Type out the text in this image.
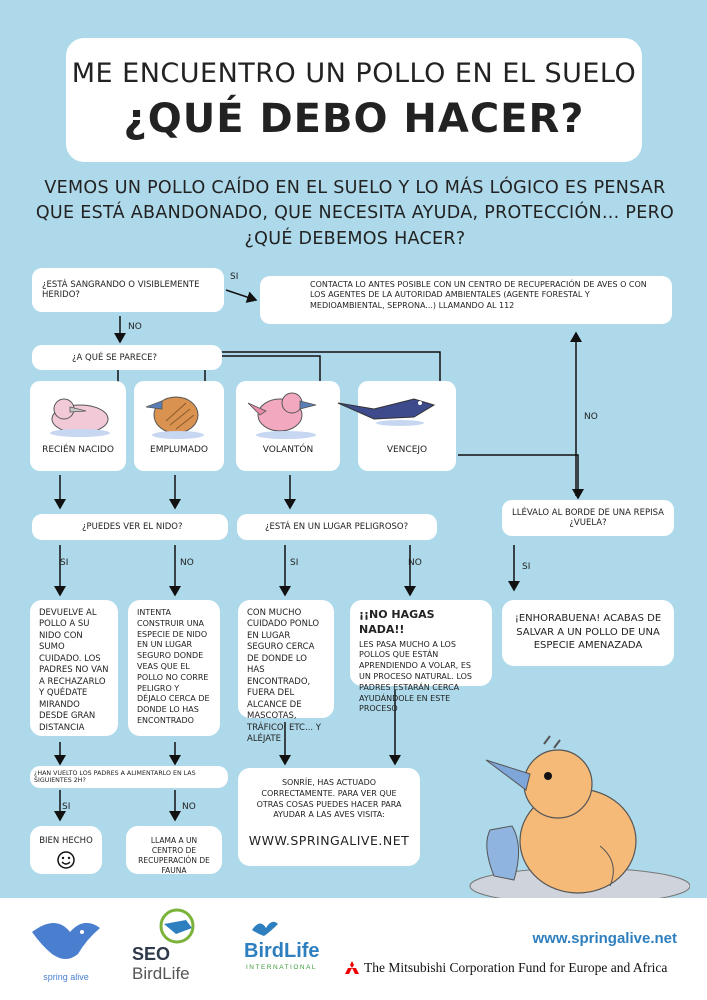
ME ENCUENTRO UN POLLO EN EL SUELO
¿QUÉ DEBO HACER?
VEMOS UN POLLO CAÍDO EN EL SUELO Y LO MÁS LÓGICO ES PENSAR QUE ESTÁ ABANDONADO, QUE NECESITA AYUDA, PROTECCIÓN... PERO ¿QUÉ DEBEMOS HACER?
¿ESTÁ SANGRANDO O VISIBLEMENTE HERIDO?
SI
NO
CONTACTA LO ANTES POSIBLE CON UN CENTRO DE RECUPERACIÓN DE AVES O CON LOS AGENTES DE LA AUTORIDAD AMBIENTALES (AGENTE FORESTAL Y MEDIOAMBIENTAL, SEPRONA...) LLAMANDO AL 112
¿A QUÉ SE PARECE?
RECIÉN NACIDO	EMPLUMADO	VOLANTÓN	VENCEJO
¿PUEDES VER EL NIDO?	¿ESTÁ EN UN LUGAR PELIGROSO?
LLÉVALO AL BORDE DE UNA REPISA ¿VUELA?
SI	NO	SI	NO	SI
NO
DEVUELVE AL POLLO A SU NIDO CON SUMO CUIDADO. LOS PADRES NO VAN A RECHAZARLO Y QUÉDATE MIRANDO DESDE GRAN DISTANCIA
INTENTA CONSTRUIR UNA ESPECIE DE NIDO EN UN LUGAR SEGURO DONDE VEAS QUE EL POLLO NO CORRE PELIGRO Y DÉJALO CERCA DE DONDE LO HAS ENCONTRADO
CON MUCHO CUIDADO PONLO EN LUGAR SEGURO CERCA DE DONDE LO HAS ENCONTRADO, FUERA DEL ALCANCE DE MASCOTAS, TRÁFICO, ETC... Y ALÉJATE
¡¡NO HAGAS NADA!!
LES PASA MUCHO A LOS POLLOS QUE ESTÁN APRENDIENDO A VOLAR, ES UN PROCESO NATURAL. LOS PADRES ESTARÁN CERCA AYUDÁNDOLE EN ESTE PROCESO
¡ENHORABUENA! ACABAS DE SALVAR A UN POLLO DE UNA ESPECIE AMENAZADA
¿HAN VUELTO LOS PADRES A ALIMENTARLO EN LAS SIGUIENTES 2H?
SI	NO
BIEN HECHO	LLAMA A UN CENTRO DE RECUPERACIÓN DE FAUNA
SONRÍE, HAS ACTUADO CORRECTAMENTE. PARA VER QUE OTRAS COSAS PUEDES HACER PARA AYUDAR A LAS AVES VISITA:
WWW.SPRINGALIVE.NET
spring alive
SEO
BirdLife
BirdLife
INTERNATIONAL
www.springalive.net
The Mitsubishi Corporation Fund for Europe and Africa
